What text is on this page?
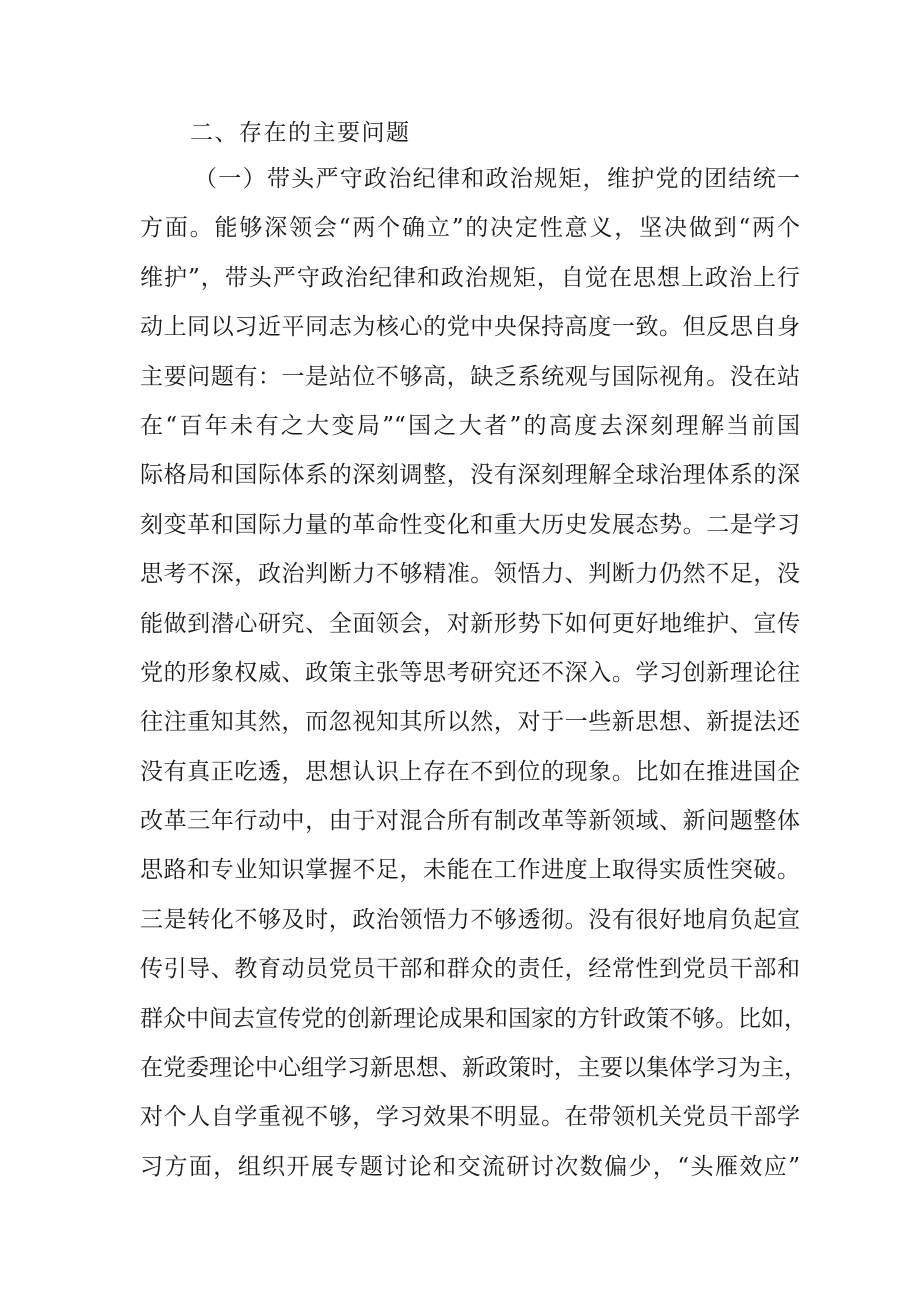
二、存在的主要问题
（一）带头严守政治纪律和政治规矩，维护党的团结统一
方面。能够深领会“两个确立”的决定性意义，坚决做到“两个
维护”，带头严守政治纪律和政治规矩，自觉在思想上政治上行
动上同以习近平同志为核心的党中央保持高度一致。但反思自身
主要问题有：一是站位不够高，缺乏系统观与国际视角。没在站
在“百年未有之大变局”“国之大者”的高度去深刻理解当前国
际格局和国际体系的深刻调整，没有深刻理解全球治理体系的深
刻变革和国际力量的革命性变化和重大历史发展态势。二是学习
思考不深，政治判断力不够精准。领悟力、判断力仍然不足，没
能做到潜心研究、全面领会，对新形势下如何更好地维护、宣传
党的形象权威、政策主张等思考研究还不深入。学习创新理论往
往注重知其然，而忽视知其所以然，对于一些新思想、新提法还
没有真正吃透，思想认识上存在不到位的现象。比如在推进国企
改革三年行动中，由于对混合所有制改革等新领域、新问题整体
思路和专业知识掌握不足，未能在工作进度上取得实质性突破。
三是转化不够及时，政治领悟力不够透彻。没有很好地肩负起宣
传引导、教育动员党员干部和群众的责任，经常性到党员干部和
群众中间去宣传党的创新理论成果和国家的方针政策不够。比如，
在党委理论中心组学习新思想、新政策时，主要以集体学习为主，
对个人自学重视不够，学习效果不明显。在带领机关党员干部学
习方面，组织开展专题讨论和交流研讨次数偏少，“头雁效应”
